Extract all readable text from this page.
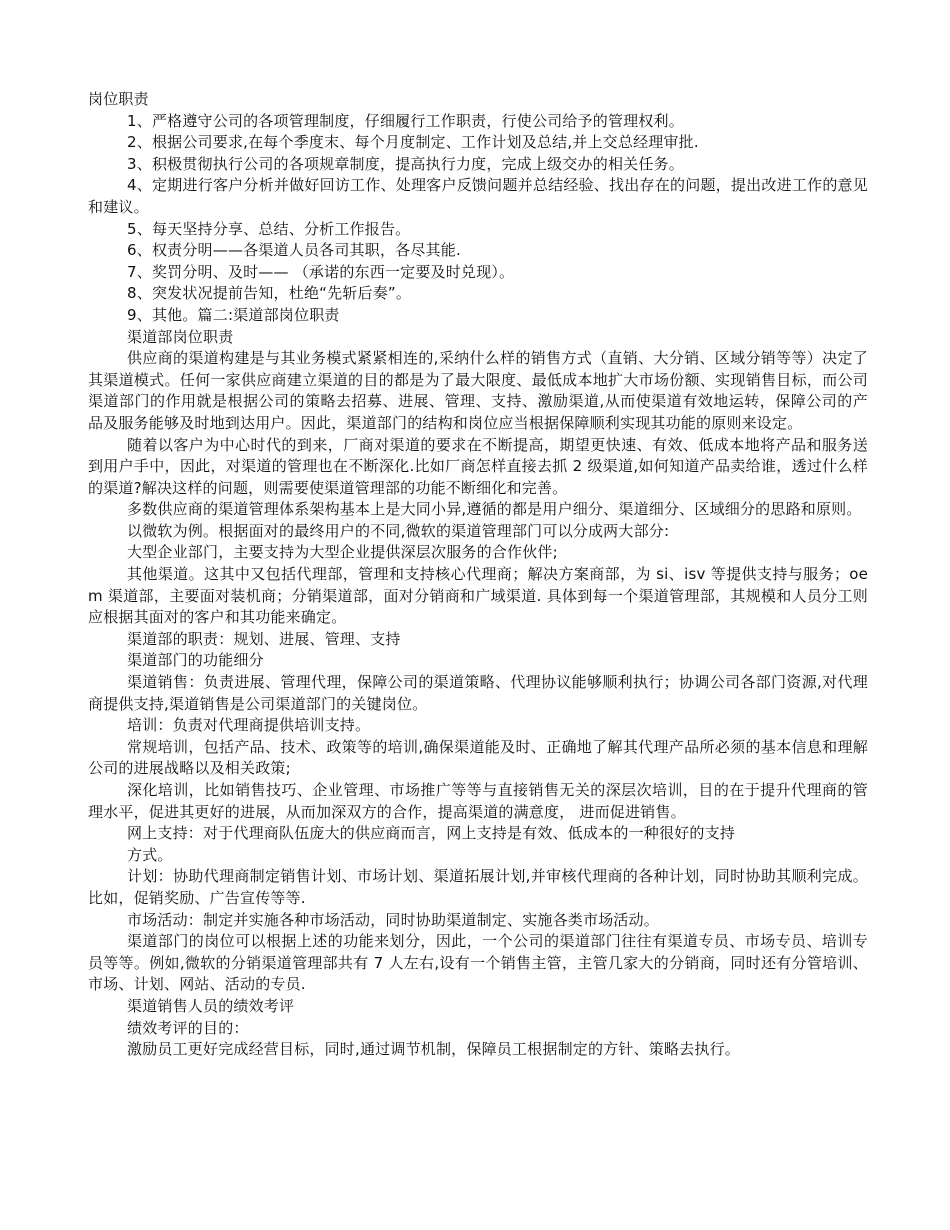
岗位职责

1、严格遵守公司的各项管理制度，仔细履行工作职责，行使公司给予的管理权利。

2、根据公司要求,在每个季度末、每个月度制定、工作计划及总结,并上交总经理审批.

3、积极贯彻执行公司的各项规章制度，提高执行力度，完成上级交办的相关任务。

4、定期进行客户分析并做好回访工作、处理客户反馈问题并总结经验、找出存在的问题，提出改进工作的意见和建议。

5、每天坚持分享、总结、分析工作报告。

6、权责分明——各渠道人员各司其职，各尽其能.

7、奖罚分明、及时—— （承诺的东西一定要及时兑现）。

8、突发状况提前告知，杜绝“先斩后奏”。

9、其他。篇二:渠道部岗位职责

渠道部岗位职责

供应商的渠道构建是与其业务模式紧紧相连的,采纳什么样的销售方式（直销、大分销、区域分销等等）决定了其渠道模式。任何一家供应商建立渠道的目的都是为了最大限度、最低成本地扩大市场份额、实现销售目标，而公司渠道部门的作用就是根据公司的策略去招募、进展、管理、支持、激励渠道,从而使渠道有效地运转，保障公司的产品及服务能够及时地到达用户。因此，渠道部门的结构和岗位应当根据保障顺利实现其功能的原则来设定。

随着以客户为中心时代的到来，厂商对渠道的要求在不断提高，期望更快速、有效、低成本地将产品和服务送到用户手中，因此，对渠道的管理也在不断深化.比如厂商怎样直接去抓 2 级渠道,如何知道产品卖给谁，透过什么样的渠道?解决这样的问题，则需要使渠道管理部的功能不断细化和完善。

多数供应商的渠道管理体系架构基本上是大同小异,遵循的都是用户细分、渠道细分、区域细分的思路和原则。

以微软为例。根据面对的最终用户的不同,微软的渠道管理部门可以分成两大部分:

大型企业部门，主要支持为大型企业提供深层次服务的合作伙伴;

其他渠道。这其中又包括代理部，管理和支持核心代理商；解决方案商部，为 si、isv 等提供支持与服务；oem 渠道部，主要面对装机商；分销渠道部，面对分销商和广域渠道. 具体到每一个渠道管理部，其规模和人员分工则应根据其面对的客户和其功能来确定。

渠道部的职责：规划、进展、管理、支持

渠道部门的功能细分

渠道销售：负责进展、管理代理，保障公司的渠道策略、代理协议能够顺利执行；协调公司各部门资源,对代理商提供支持,渠道销售是公司渠道部门的关键岗位。

培训：负责对代理商提供培训支持。

常规培训，包括产品、技术、政策等的培训,确保渠道能及时、正确地了解其代理产品所必须的基本信息和理解公司的进展战略以及相关政策;

深化培训，比如销售技巧、企业管理、市场推广等等与直接销售无关的深层次培训，目的在于提升代理商的管理水平，促进其更好的进展，从而加深双方的合作，提高渠道的满意度， 进而促进销售。

网上支持：对于代理商队伍庞大的供应商而言，网上支持是有效、低成本的一种很好的支持

方式。

计划：协助代理商制定销售计划、市场计划、渠道拓展计划,并审核代理商的各种计划，同时协助其顺利完成。比如，促销奖励、广告宣传等等.

市场活动：制定并实施各种市场活动，同时协助渠道制定、实施各类市场活动。

渠道部门的岗位可以根据上述的功能来划分，因此，一个公司的渠道部门往往有渠道专员、市场专员、培训专员等等。例如,微软的分销渠道管理部共有 7 人左右,设有一个销售主管，主管几家大的分销商，同时还有分管培训、市场、计划、网站、活动的专员.

渠道销售人员的绩效考评

绩效考评的目的：

激励员工更好完成经营目标，同时,通过调节机制，保障员工根据制定的方针、策略去执行。
